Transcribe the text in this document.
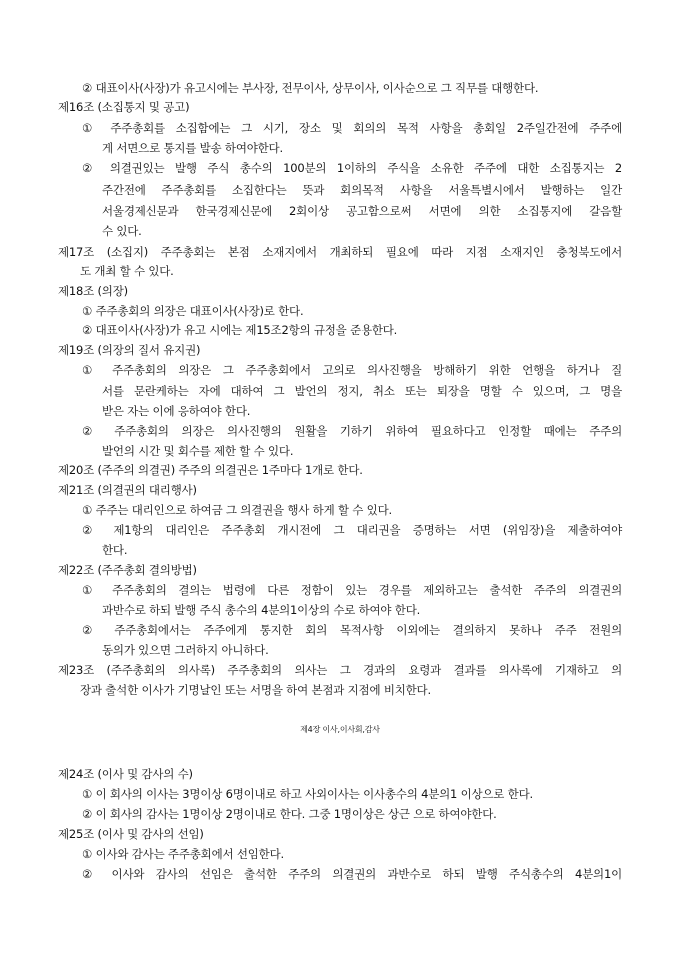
② 대표이사(사장)가 유고시에는 부사장, 전무이사, 상무이사, 이사순으로 그 직무를 대행한다.
제16조 (소집통지 및 공고)
① 주주총회를 소집함에는 그 시기, 장소 및 회의의 목적 사항을 총회일 2주일간전에 주주에
게 서면으로 통지를 발송 하여야한다.
② 의결권있는 발행 주식 총수의 100분의 1이하의 주식을 소유한 주주에 대한 소집통지는 2
주간전에 주주총회를 소집한다는 뜻과 회의목적 사항을 서울특별시에서 발행하는 일간
서울경제신문과 한국경제신문에 2회이상 공고함으로써 서면에 의한 소집통지에 갈음할
수 있다.
제17조 (소집지) 주주총회는 본점 소재지에서 개최하되 필요에 따라 지점 소재지인 충청북도에서
도 개최 할 수 있다.
제18조 (의장)
① 주주총회의 의장은 대표이사(사장)로 한다.
② 대표이사(사장)가 유고 시에는 제15조2항의 규정을 준용한다.
제19조 (의장의 질서 유지권)
① 주주총회의 의장은 그 주주총회에서 고의로 의사진행을 방해하기 위한 언행을 하거나 질
서를 문란케하는 자에 대하여 그 발언의 정지, 취소 또는 퇴장을 명할 수 있으며, 그 명을
받은 자는 이에 응하여야 한다.
② 주주총회의 의장은 의사진행의 원활을 기하기 위하여 필요하다고 인정할 때에는 주주의
발언의 시간 및 회수를 제한 할 수 있다.
제20조 (주주의 의결권) 주주의 의결권은 1주마다 1개로 한다.
제21조 (의결권의 대리행사)
① 주주는 대리인으로 하여금 그 의결권을 행사 하게 할 수 있다.
② 제1항의 대리인은 주주총회 개시전에 그 대리권을 증명하는 서면 (위임장)을 제출하여야
한다.
제22조 (주주총회 결의방법)
① 주주총회의 결의는 법령에 다른 정함이 있는 경우를 제외하고는 출석한 주주의 의결권의
과반수로 하되 발행 주식 총수의 4분의1이상의 수로 하여야 한다.
② 주주총회에서는 주주에게 통지한 회의 목적사항 이외에는 결의하지 못하나 주주 전원의
동의가 있으면 그러하지 아니하다.
제23조 (주주총회의 의사록) 주주총회의 의사는 그 경과의 요령과 결과를 의사록에 기재하고 의
장과 출석한 이사가 기명날인 또는 서명을 하여 본점과 지점에 비치한다.
제4장 이사,이사회,감사
제24조 (이사 및 감사의 수)
① 이 회사의 이사는 3명이상 6명이내로 하고 사외이사는 이사총수의 4분의1 이상으로 한다.
② 이 회사의 감사는 1명이상 2명이내로 한다. 그중 1명이상은 상근 으로 하여야한다.
제25조 (이사 및 감사의 선임)
① 이사와 감사는 주주총회에서 선임한다.
② 이사와 감사의 선임은 출석한 주주의 의결권의 과반수로 하되 발행 주식총수의 4분의1이
